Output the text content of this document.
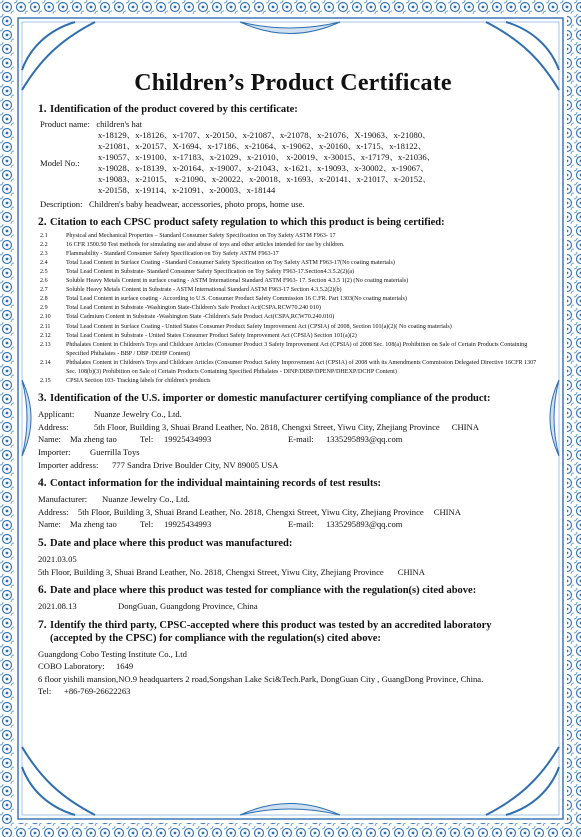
Children’s Product Certificate
1. Identification of the product covered by this certificate:
Product name: children's hat
Model No.:
x-18129、x-18126、x-1707、x-20150、x-21087、x-21078、x-21076、X-19063、x-21080、
x-21081、x-20157、X-1694、x-17186、x-21064、x-19062、x-20160、x-1715、x-18122、
x-19057、x-19100、x-17183、x-21029、x-21010、 x-20019、x-30015、x-17179、x-21036、
x-19028、x-18139、x-20164、x-19007、x-21043、x-1621、x-19093、x-30002、x-19067、
x-19083、x-21015、 x-21090、x-20022、x-20018、x-1693、x-20141、x-21017、x-20152、
x-20158、x-19114、x-21091、x-20003、x-18144
Description: Children's baby headwear, accessories, photo props, home use.
2. Citation to each CPSC product safety regulation to which this product is being certified:
2.1	Physical and Mechanical Properties – Standard Consumer Safety Specification on Toy Safety ASTM F963- 17
2.2	16 CFR 1500.50 Test methods for simulating use and abuse of toys and other articles intended for use by children.
2.3	Flammability - Standard Consumer Safety Specification on Toy Safety ASTM F963-17
2.4	Total Lead Content in Surface Coating - Standard Consumer Safety Specification on Toy Safety ASTM F963-17(No coating materials)
2.5	Total Lead Content in Substrate- Standard Consumer Safety Specification on Toy Safety F963-17.Section4.3.5.2(2)(a)
2.6	Soluble Heavy Metals Content in surface coating - ASTM International Standard ASTM F963- 17. Section 4.3.5 1(2) (No coating materials)
2.7	Soluble Heavy Metals Content in Substrate - ASTM International Standard ASTM F963-17 Section 4.3.5.2(2)(b)
2.8	Total Lead Content in surface coating - According to U.S. Consumer Product Safety Commission 16 C.FR. Part 1303(No coating materials)
2.9	Total Lead Content in Substrate -Washington State-Children's Safe Product Act(CSPA.RCW70.240 010)
2.10	Total Cadmium Content in Substrate -Washington State -Children's Safe Product Act(CSPA,RCW70.240.010)
2.11	Total Lead Content in Surface Coating - United States Consumer Product Safety Improvement Act (CPSIA) of 2008, Section 101(a)(2)( No coating materials)
2.12	Total Lead Content in Substrate - United States Consumer Product Safety Improvement Act (CPSIA) Section 101(a)(2)
2.13	Phthalates Content in Children's Toys and Childcare Articles (Consumer Product 3 Safety Improvement Act (CPSIA) of 2008 Sec. 108(a) Prohibition on Sale of Certain Products Containing Specified Phthalates - BBP / DBP /DEHP Content)
2.14	Phthalates Content in Children's Toys and Childcare Articles (Consumer Product Safety Improvement Act (CPSIA) of 2008 with its Amendments Commission Delegated Directive 16CFR 1307 Sec. 108(b)(3) Prohibition on Sale of Certain Products Containing Specified Phthalates - DINP/DIBP/DPENP/DHEXP/DCHP Content)
2.15	CPSIA Section 103- Tracking labels for children's products
3. Identification of the U.S. importer or domestic manufacturer certifying compliance of the product:
Applicant:	Nuanze Jewelry Co., Ltd.
Address:	5th Floor, Building 3, Shuai Brand Leather, No. 2818, Chengxi Street, Yiwu City, Zhejiang Province CHINA
Name:	Ma zheng tao	Tel:	19925434993	E-mail:	1335295893@qq.com
Importer:	Guerrilla Toys
Importer address:	777 Sandra Drive Boulder City, NV 89005 USA
4. Contact information for the individual maintaining records of test results:
Manufacturer:	Nuanze Jewelry Co., Ltd.
Address:	5th Floor, Building 3, Shuai Brand Leather, No. 2818, Chengxi Street, Yiwu City, Zhejiang Province CHINA
Name:	Ma zheng tao	Tel:	19925434993	E-mail:	1335295893@qq.com
5. Date and place where this product was manufactured:
2021.03.05
5th Floor, Building 3, Shuai Brand Leather, No. 2818, Chengxi Street, Yiwu City, Zhejiang Province CHINA
6. Date and place where this product was tested for compliance with the regulation(s) cited above:
2021.08.13	DongGuan, Guangdong Province, China
7. Identify the third party, CPSC-accepted where this product was tested by an accredited laboratory
(accepted by the CPSC) for compliance with the regulation(s) cited above:
Guangdong Cobo Testing Institute Co., Ltd
COBO Laboratory:	1649
6 floor yishili mansion,NO.9 headquarters 2 road,Songshan Lake Sci&Tech.Park, DongGuan City , GuangDong Province, China.
Tel:	+86-769-26622263
